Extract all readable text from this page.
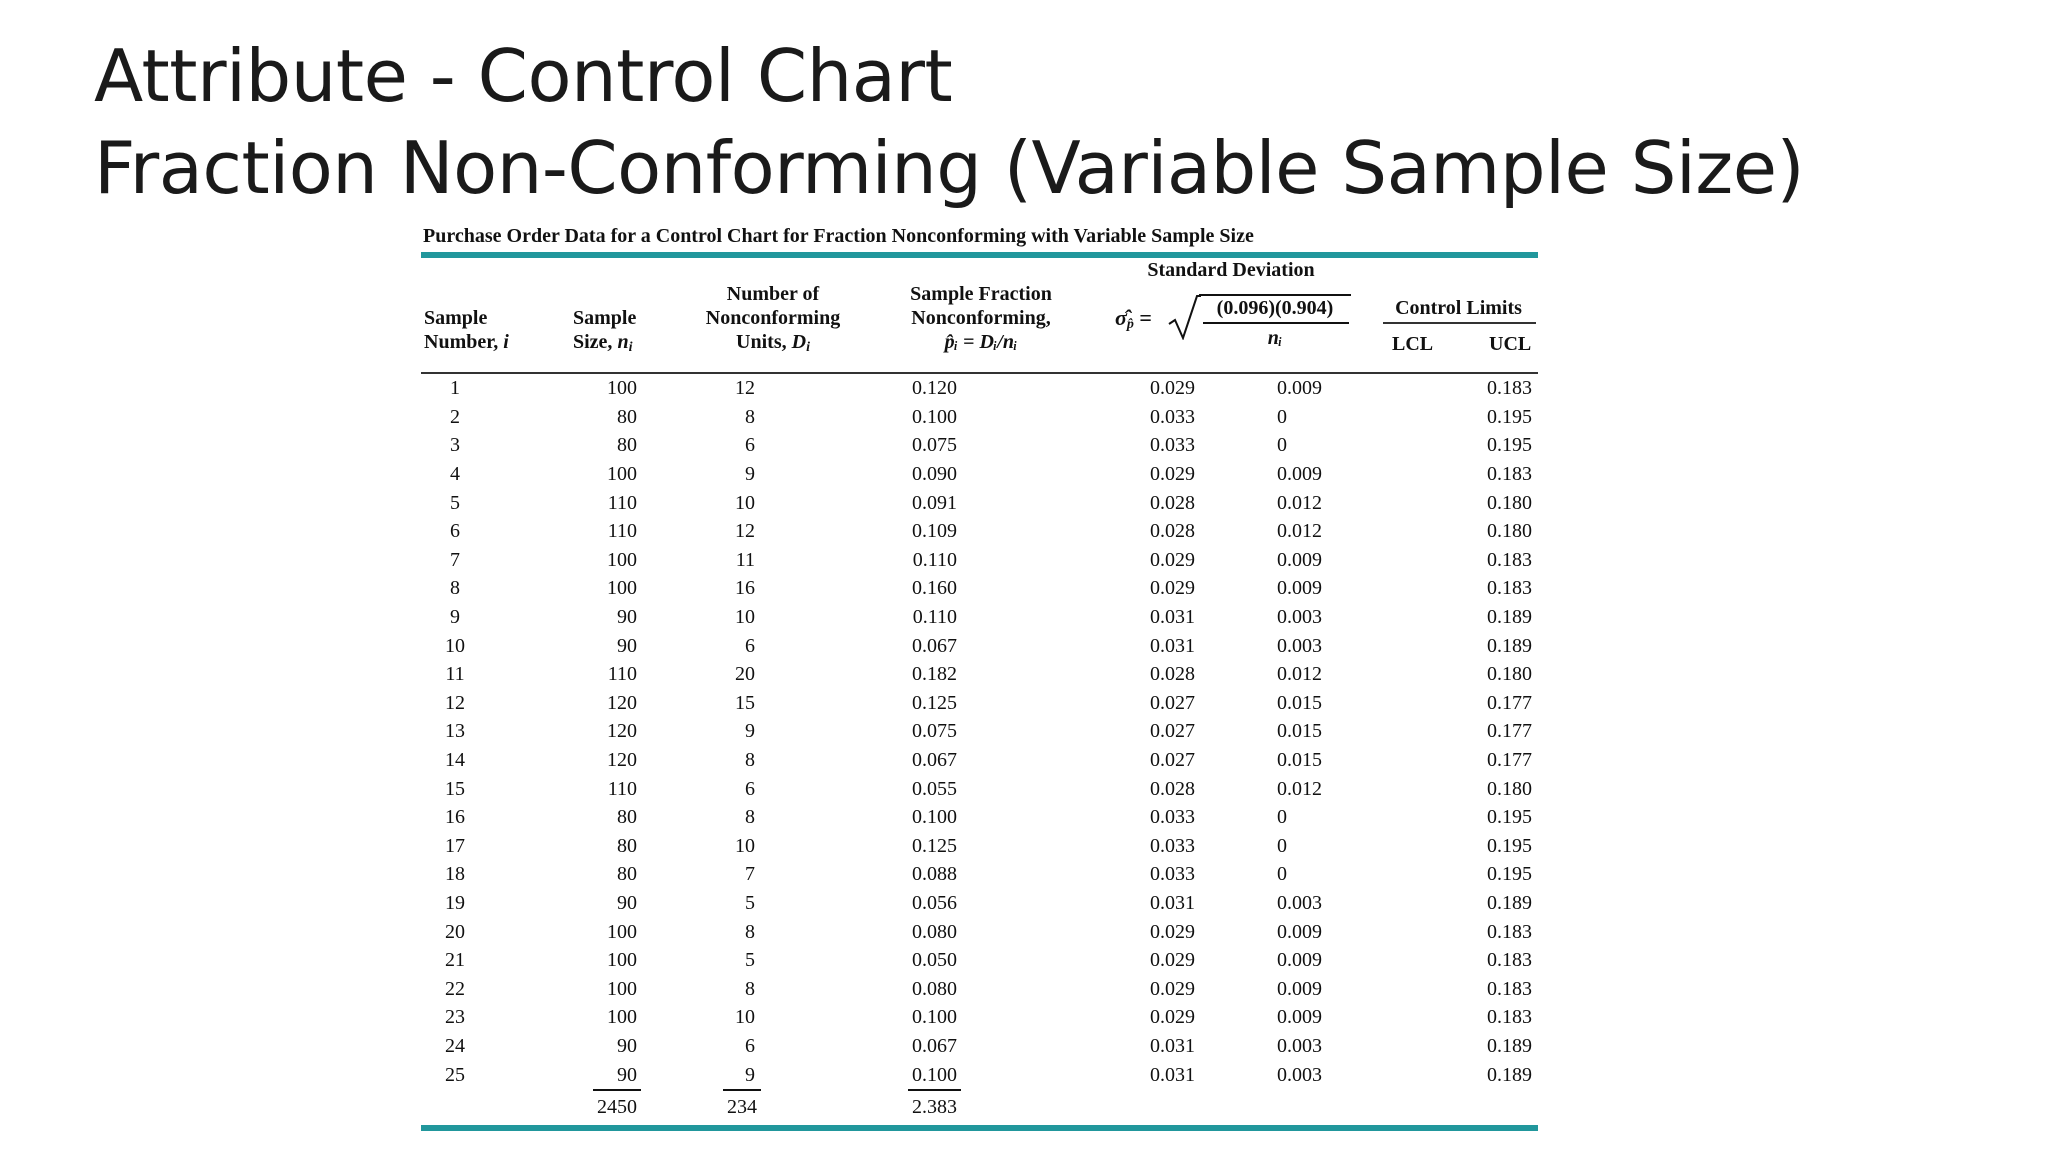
Attribute - Control Chart
Fraction Non-Conforming (Variable Sample Size)
Purchase Order Data for a Control Chart for Fraction Nonconforming with Variable Sample Size
Sample
Number, i
Sample
Size, $n_i$
Number of
Nonconforming
Units, $D_i$
Sample Fraction
Nonconforming,
p̂ᵢ = Dᵢ/nᵢ
Standard Deviation
$\sigmâ_{p̂}$ =	(0.096)(0.904)
nᵢ
Control Limits
LCL	UCL
1	100	12	0.120	0.029	0.009	0.183
2	80	8	0.100	0.033	0	0.195
3	80	6	0.075	0.033	0	0.195
4	100	9	0.090	0.029	0.009	0.183
5	110	10	0.091	0.028	0.012	0.180
6	110	12	0.109	0.028	0.012	0.180
7	100	11	0.110	0.029	0.009	0.183
8	100	16	0.160	0.029	0.009	0.183
9	90	10	0.110	0.031	0.003	0.189
10	90	6	0.067	0.031	0.003	0.189
11	110	20	0.182	0.028	0.012	0.180
12	120	15	0.125	0.027	0.015	0.177
13	120	9	0.075	0.027	0.015	0.177
14	120	8	0.067	0.027	0.015	0.177
15	110	6	0.055	0.028	0.012	0.180
16	80	8	0.100	0.033	0	0.195
17	80	10	0.125	0.033	0	0.195
18	80	7	0.088	0.033	0	0.195
19	90	5	0.056	0.031	0.003	0.189
20	100	8	0.080	0.029	0.009	0.183
21	100	5	0.050	0.029	0.009	0.183
22	100	8	0.080	0.029	0.009	0.183
23	100	10	0.100	0.029	0.009	0.183
24	90	6	0.067	0.031	0.003	0.189
25	90	9	0.100	0.031	0.003	0.189
	2450	234	2.383			
